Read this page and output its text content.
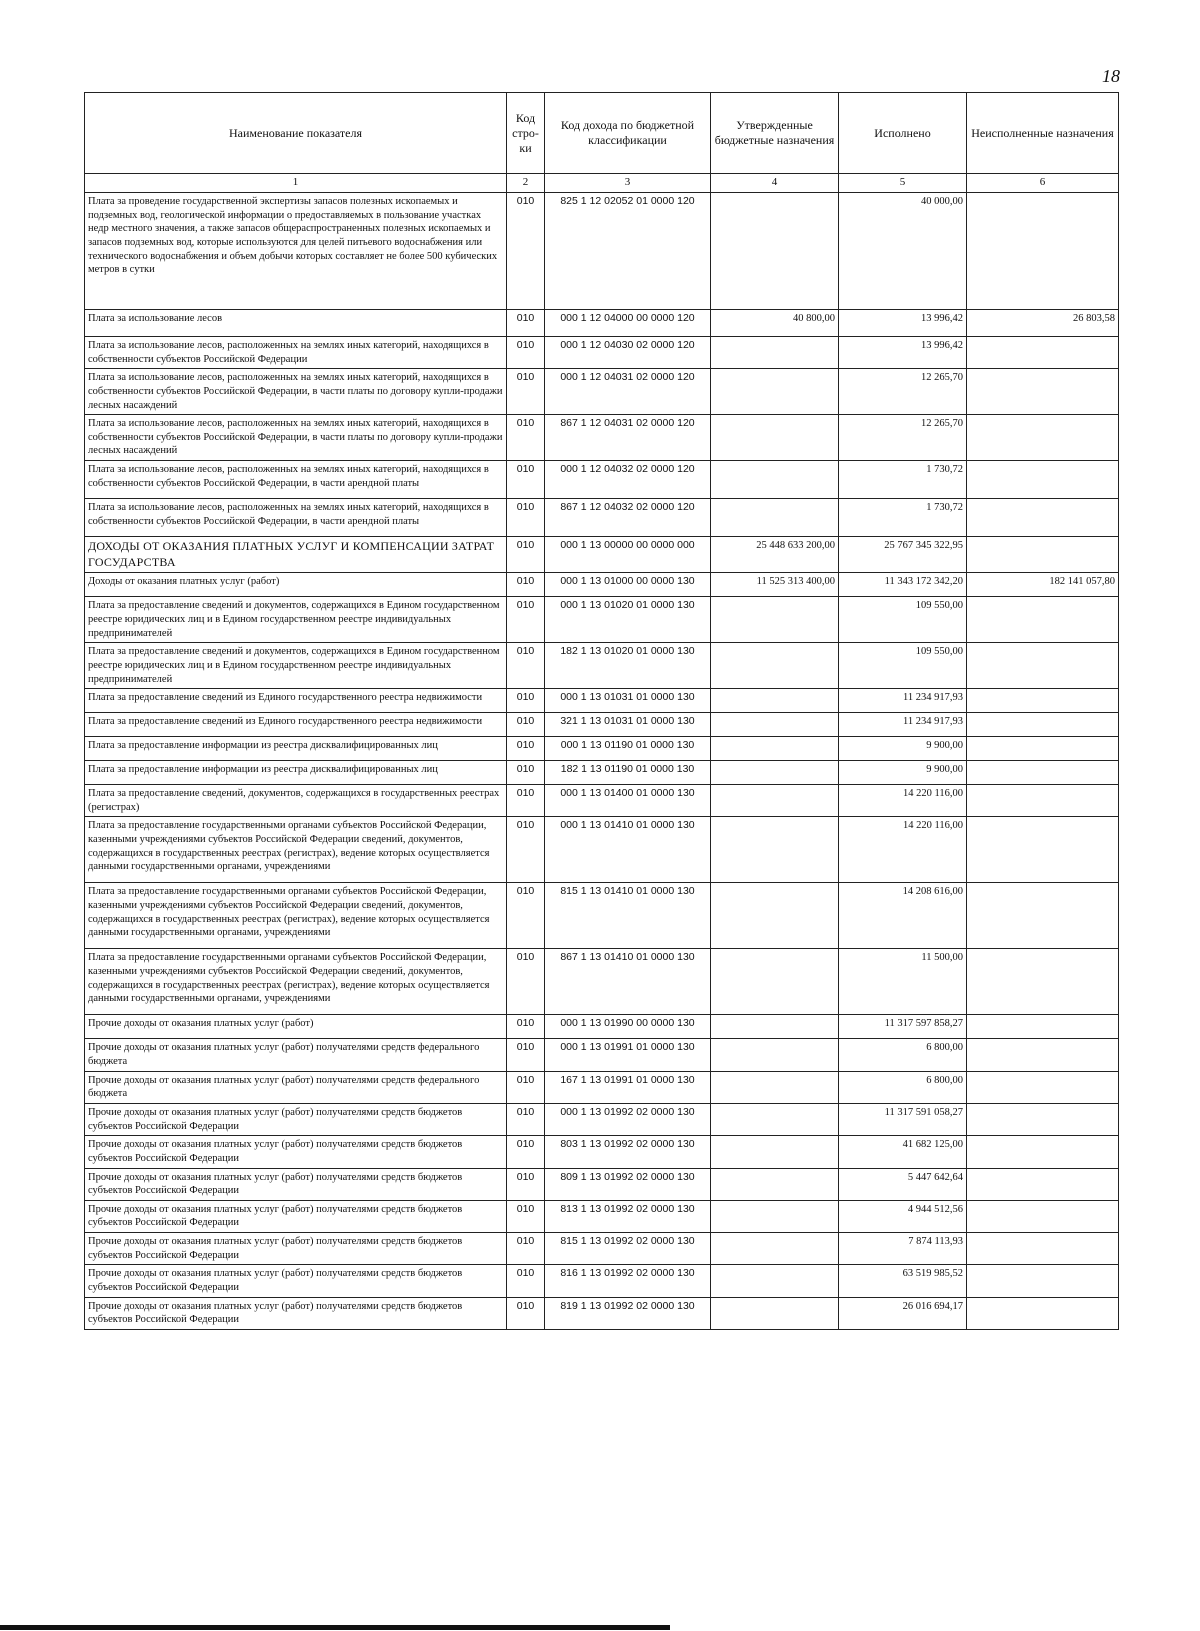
18
Наименование показателя	Код стро-ки	Код дохода по бюджетной классификации	Утвержденные бюджетные назначения	Исполнено	Неисполненные назначения
1	2	3	4	5	6
Плата за проведение государственной экспертизы запасов полезных ископаемых и подземных вод, геологической информации о предоставляемых в пользование участках недр местного значения, а также запасов общераспространенных полезных ископаемых и запасов подземных вод, которые используются для целей питьевого водоснабжения или технического водоснабжения и объем добычи которых составляет не более 500 кубических метров в сутки	010	825 1 12 02052 01 0000 120		40 000,00	
Плата за использование лесов	010	000 1 12 04000 00 0000 120	40 800,00	13 996,42	26 803,58
Плата за использование лесов, расположенных на землях иных категорий, находящихся в собственности субъектов Российской Федерации	010	000 1 12 04030 02 0000 120		13 996,42	
Плата за использование лесов, расположенных на землях иных категорий, находящихся в собственности субъектов Российской Федерации, в части платы по договору купли-продажи лесных насаждений	010	000 1 12 04031 02 0000 120		12 265,70	
Плата за использование лесов, расположенных на землях иных категорий, находящихся в собственности субъектов Российской Федерации, в части платы по договору купли-продажи лесных насаждений	010	867 1 12 04031 02 0000 120		12 265,70	
Плата за использование лесов, расположенных на землях иных категорий, находящихся в собственности субъектов Российской Федерации, в части арендной платы	010	000 1 12 04032 02 0000 120		1 730,72	
Плата за использование лесов, расположенных на землях иных категорий, находящихся в собственности субъектов Российской Федерации, в части арендной платы	010	867 1 12 04032 02 0000 120		1 730,72	
ДОХОДЫ ОТ ОКАЗАНИЯ ПЛАТНЫХ УСЛУГ И КОМПЕНСАЦИИ ЗАТРАТ ГОСУДАРСТВА	010	000 1 13 00000 00 0000 000	25 448 633 200,00	25 767 345 322,95	
Доходы от оказания платных услуг (работ)	010	000 1 13 01000 00 0000 130	11 525 313 400,00	11 343 172 342,20	182 141 057,80
Плата за предоставление сведений и документов, содержащихся в Едином государственном реестре юридических лиц и в Едином государственном реестре индивидуальных предпринимателей	010	000 1 13 01020 01 0000 130		109 550,00	
Плата за предоставление сведений и документов, содержащихся в Едином государственном реестре юридических лиц и в Едином государственном реестре индивидуальных предпринимателей	010	182 1 13 01020 01 0000 130		109 550,00	
Плата за предоставление сведений из Единого государственного реестра недвижимости	010	000 1 13 01031 01 0000 130		11 234 917,93	
Плата за предоставление сведений из Единого государственного реестра недвижимости	010	321 1 13 01031 01 0000 130		11 234 917,93	
Плата за предоставление информации из реестра дисквалифицированных лиц	010	000 1 13 01190 01 0000 130		9 900,00	
Плата за предоставление информации из реестра дисквалифицированных лиц	010	182 1 13 01190 01 0000 130		9 900,00	
Плата за предоставление сведений, документов, содержащихся в государственных реестрах (регистрах)	010	000 1 13 01400 01 0000 130		14 220 116,00	
Плата за предоставление государственными органами субъектов Российской Федерации, казенными учреждениями субъектов Российской Федерации сведений, документов, содержащихся в государственных реестрах (регистрах), ведение которых осуществляется данными государственными органами, учреждениями	010	000 1 13 01410 01 0000 130		14 220 116,00	
Плата за предоставление государственными органами субъектов Российской Федерации, казенными учреждениями субъектов Российской Федерации сведений, документов, содержащихся в государственных реестрах (регистрах), ведение которых осуществляется данными государственными органами, учреждениями	010	815 1 13 01410 01 0000 130		14 208 616,00	
Плата за предоставление государственными органами субъектов Российской Федерации, казенными учреждениями субъектов Российской Федерации сведений, документов, содержащихся в государственных реестрах (регистрах), ведение которых осуществляется данными государственными органами, учреждениями	010	867 1 13 01410 01 0000 130		11 500,00	
Прочие доходы от оказания платных услуг (работ)	010	000 1 13 01990 00 0000 130		11 317 597 858,27	
Прочие доходы от оказания платных услуг (работ) получателями средств федерального бюджета	010	000 1 13 01991 01 0000 130		6 800,00	
Прочие доходы от оказания платных услуг (работ) получателями средств федерального бюджета	010	167 1 13 01991 01 0000 130		6 800,00	
Прочие доходы от оказания платных услуг (работ) получателями средств бюджетов субъектов Российской Федерации	010	000 1 13 01992 02 0000 130		11 317 591 058,27	
Прочие доходы от оказания платных услуг (работ) получателями средств бюджетов субъектов Российской Федерации	010	803 1 13 01992 02 0000 130		41 682 125,00	
Прочие доходы от оказания платных услуг (работ) получателями средств бюджетов субъектов Российской Федерации	010	809 1 13 01992 02 0000 130		5 447 642,64	
Прочие доходы от оказания платных услуг (работ) получателями средств бюджетов субъектов Российской Федерации	010	813 1 13 01992 02 0000 130		4 944 512,56	
Прочие доходы от оказания платных услуг (работ) получателями средств бюджетов субъектов Российской Федерации	010	815 1 13 01992 02 0000 130		7 874 113,93	
Прочие доходы от оказания платных услуг (работ) получателями средств бюджетов субъектов Российской Федерации	010	816 1 13 01992 02 0000 130		63 519 985,52	
Прочие доходы от оказания платных услуг (работ) получателями средств бюджетов субъектов Российской Федерации	010	819 1 13 01992 02 0000 130		26 016 694,17	
